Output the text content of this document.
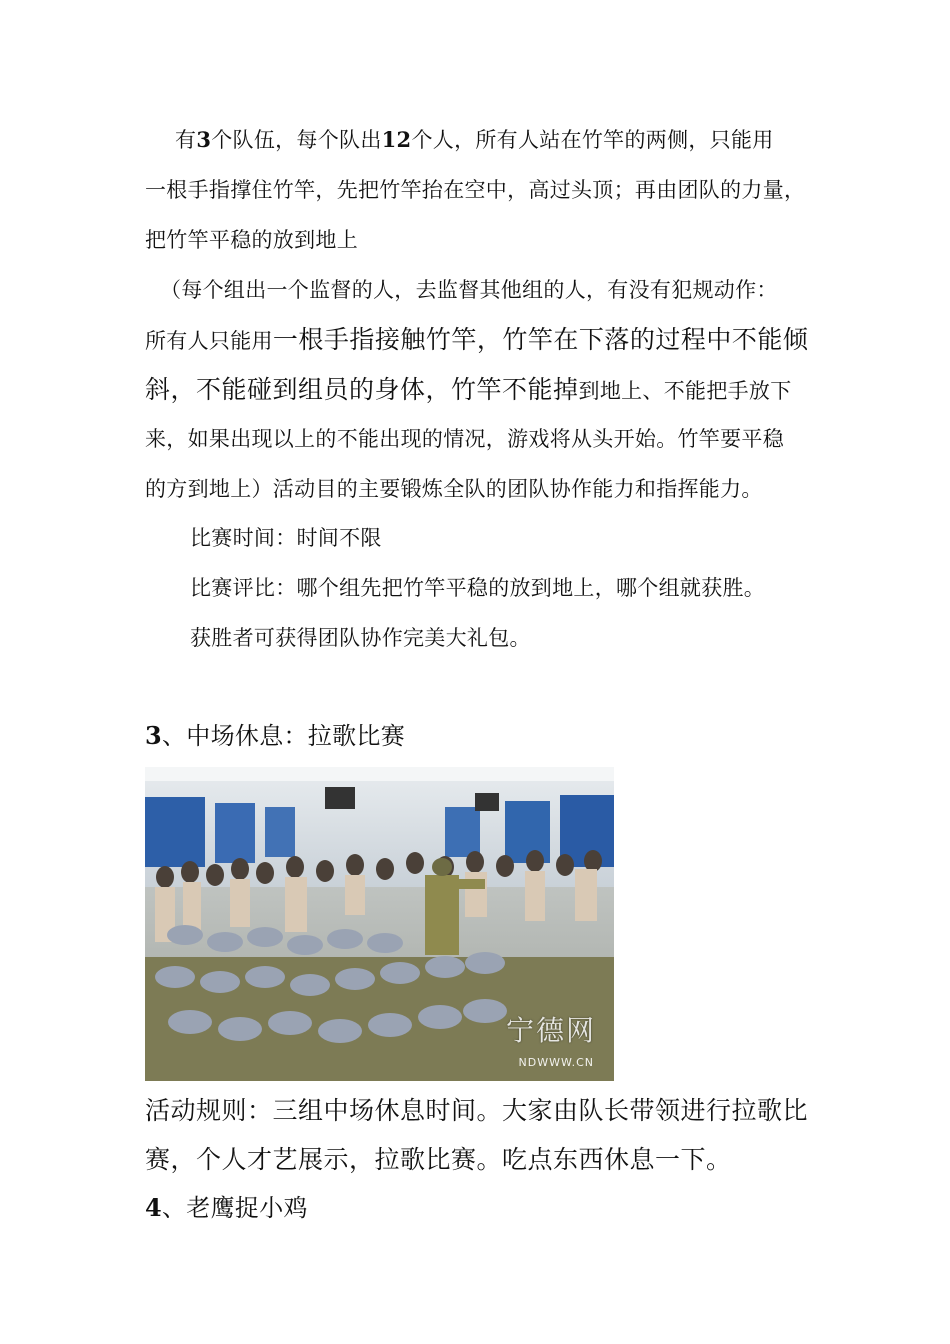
有3个队伍，每个队出12个人，所有人站在竹竿的两侧，只能用
一根手指撑住竹竿，先把竹竿抬在空中，高过头顶；再由团队的力量，
把竹竿平稳的放到地上
（每个组出一个监督的人，去监督其他组的人，有没有犯规动作：
所有人只能用一根手指接触竹竿，竹竿在下落的过程中不能倾
斜，不能碰到组员的身体，竹竿不能掉到地上、不能把手放下
来，如果出现以上的不能出现的情况，游戏将从头开始。竹竿要平稳
的方到地上）活动目的主要锻炼全队的团队协作能力和指挥能力。
比赛时间：时间不限
比赛评比：哪个组先把竹竿平稳的放到地上，哪个组就获胜。
获胜者可获得团队协作完美大礼包。
3、中场休息：拉歌比赛
宁德网
NDWWW.CN
活动规则：三组中场休息时间。大家由队长带领进行拉歌比
赛，个人才艺展示，拉歌比赛。吃点东西休息一下。
4、老鹰捉小鸡
